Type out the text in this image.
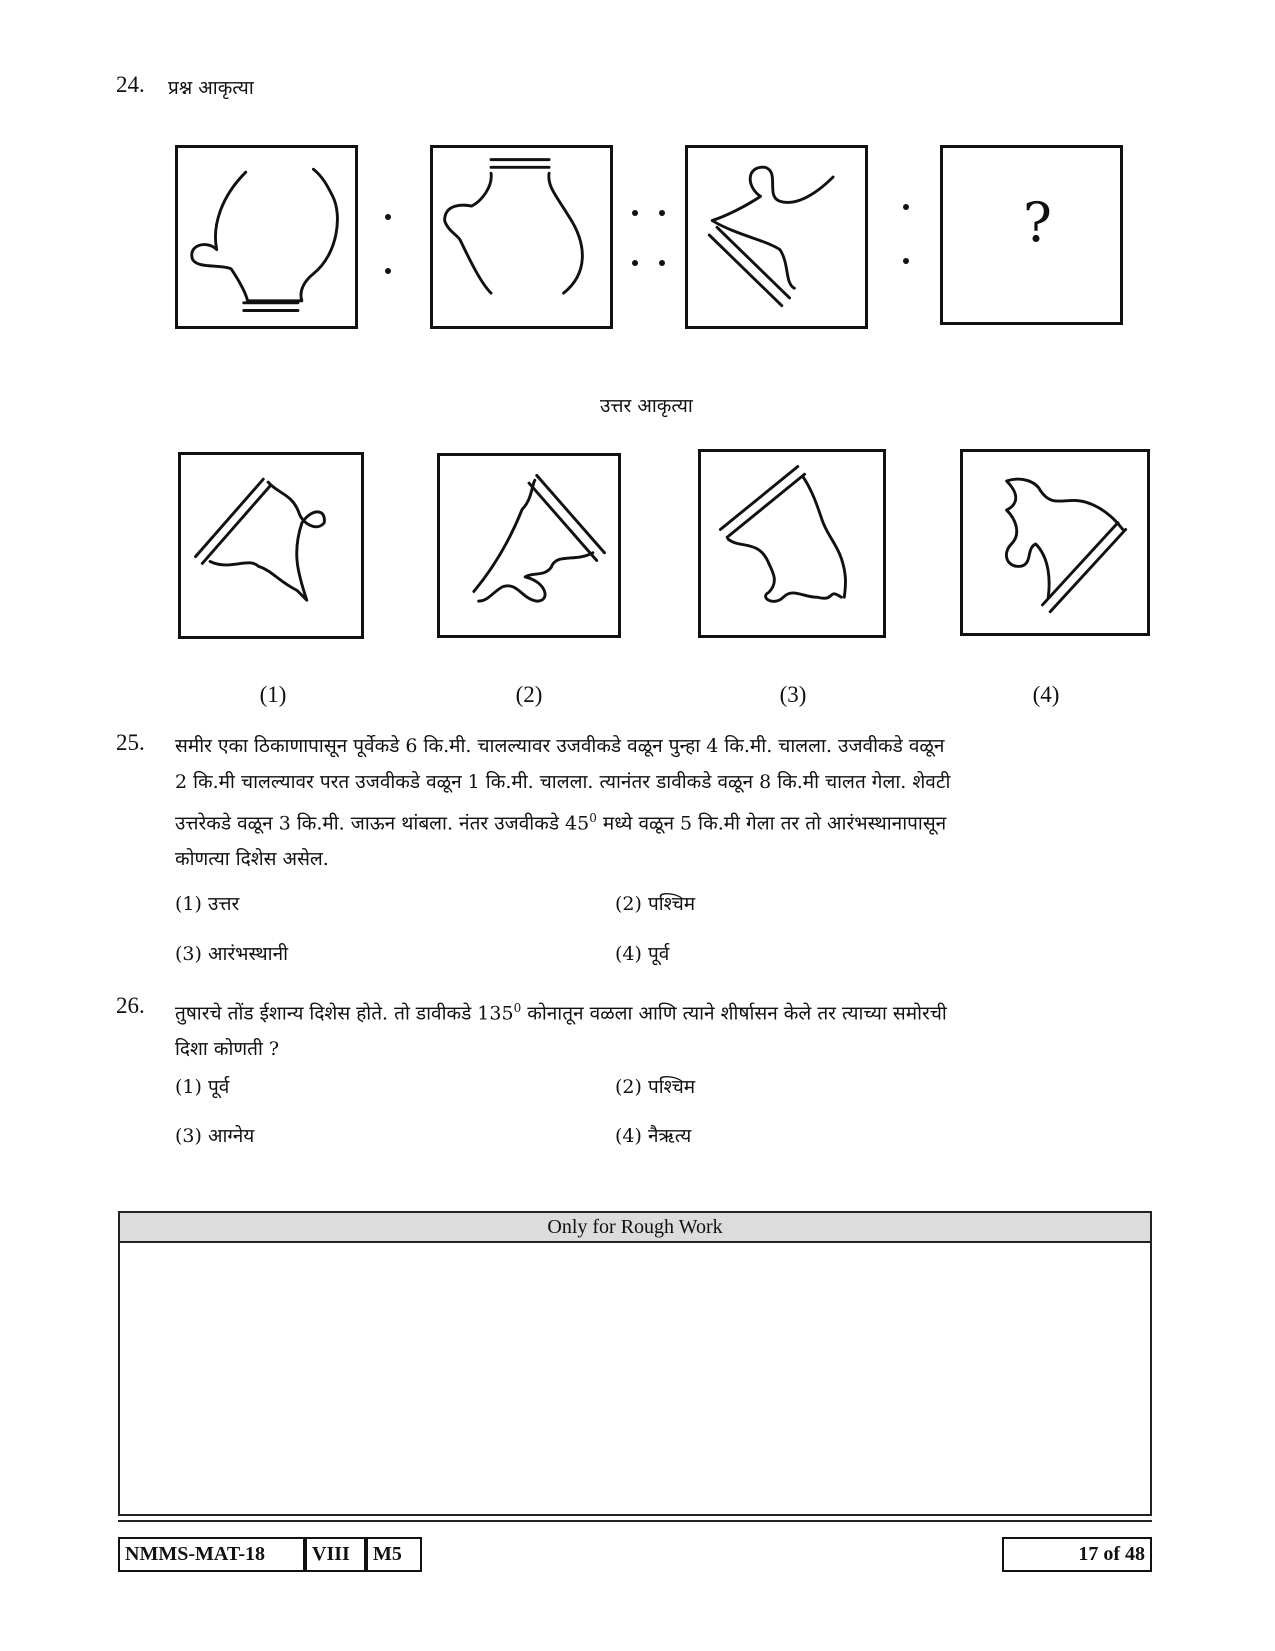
24. प्रश्न आकृत्या
?
उत्तर आकृत्या
(1)	(2)	(3)	(4)
25. समीर एका ठिकाणापासून पूर्वेकडे 6 कि.मी. चालल्यावर उजवीकडे वळून पुन्हा 4 कि.मी. चालला. उजवीकडे वळून
2 कि.मी चालल्यावर परत उजवीकडे वळून 1 कि.मी. चालला. त्यानंतर डावीकडे वळून 8 कि.मी चालत गेला. शेवटी
उत्तरेकडे वळून 3 कि.मी. जाऊन थांबला. नंतर उजवीकडे $45^0$ मध्ये वळून 5 कि.मी गेला तर तो आरंभस्थानापासून
कोणत्या दिशेस असेल.
(1) उत्तर	(2) पश्चिम
(3) आरंभस्थानी	(4) पूर्व
26. तुषारचे तोंड ईशान्य दिशेस होते. तो डावीकडे $135^0$ कोनातून वळला आणि त्याने शीर्षासन केले तर त्याच्या समोरची
दिशा कोणती ?
(1) पूर्व	(2) पश्चिम
(3) आग्नेय	(4) नैऋत्य
Only for Rough Work
NMMS-MAT-18	VIII	M5	17 of 48
